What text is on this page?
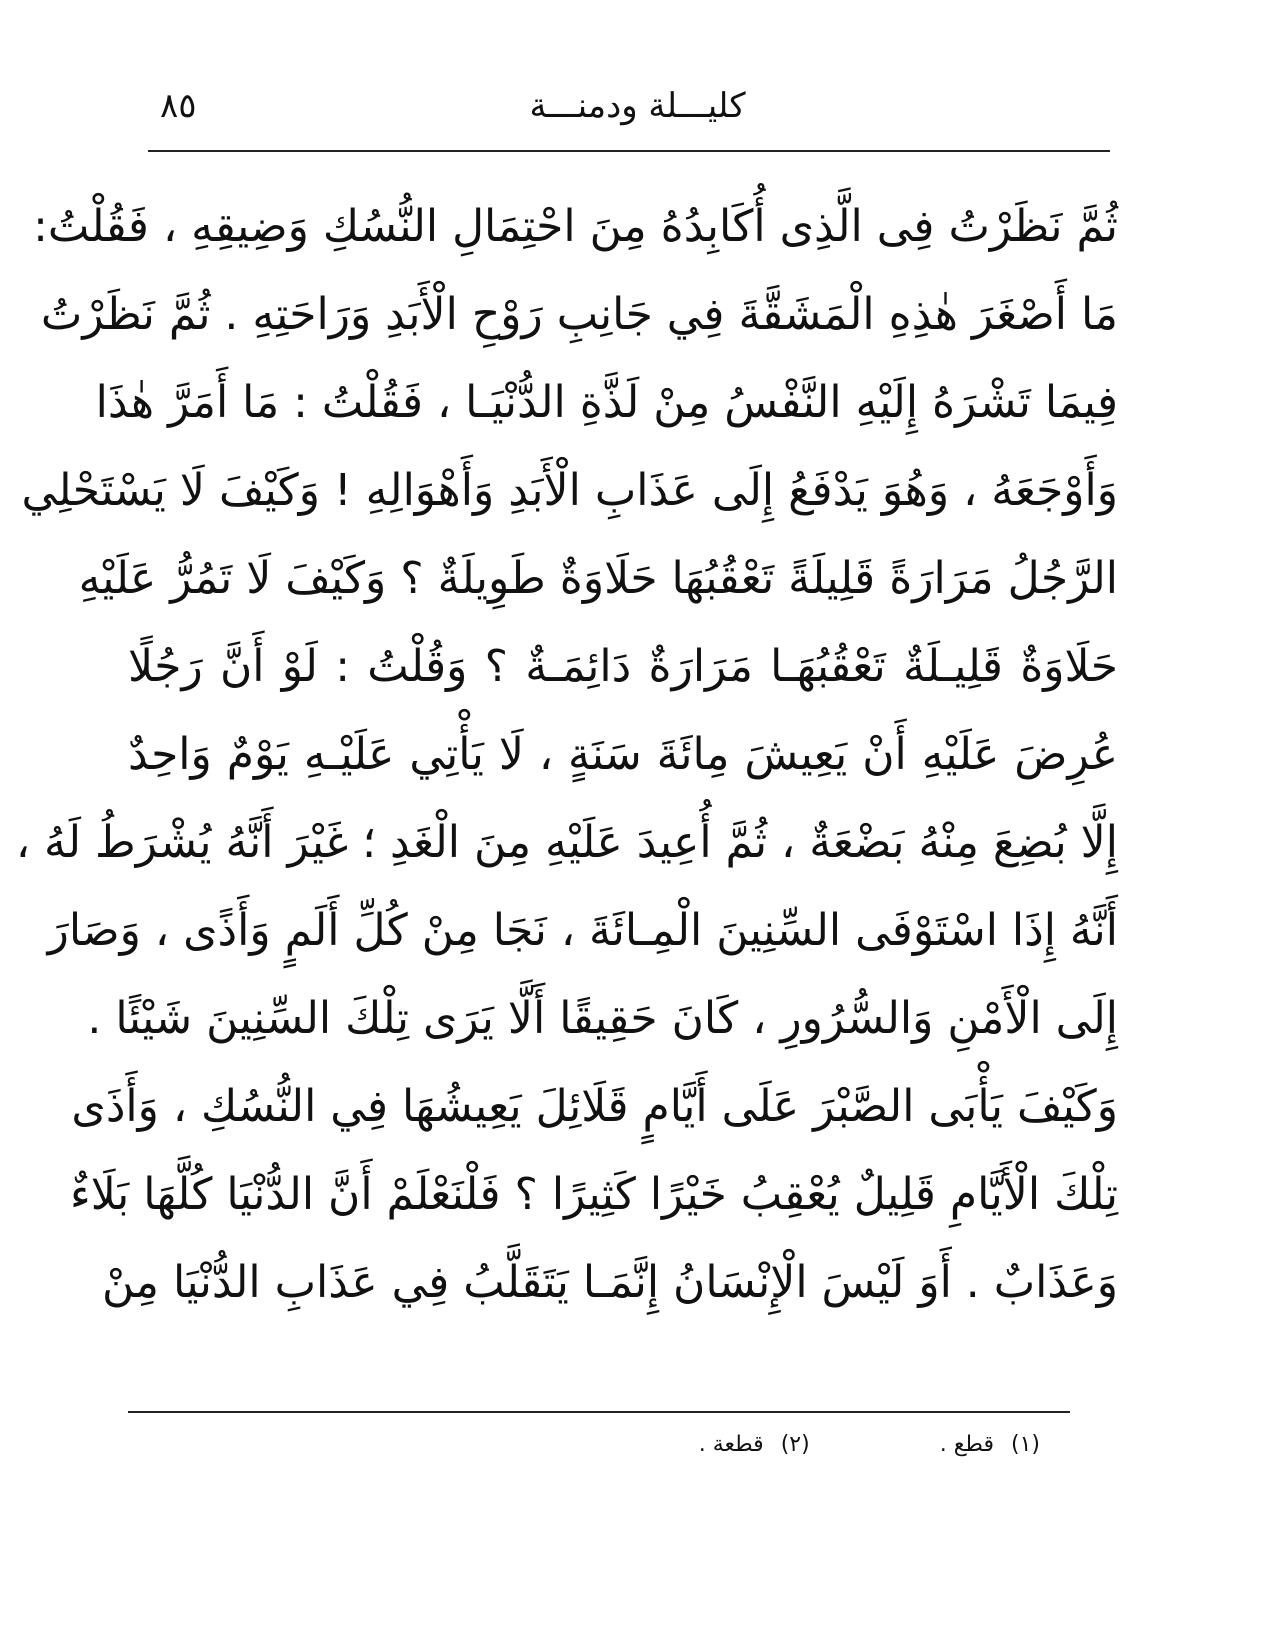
٨٥	كليـــلة ودمنـــة
ثُمَّ نَظَرْتُ فِى الَّذِى أُكَابِدُهُ مِنَ احْتِمَالِ النُّسُكِ وَضِيقِهِ ، فَقُلْتُ:
مَا أَصْغَرَ هٰذِهِ الْمَشَقَّةَ فِي جَانِبِ رَوْحِ الْأَبَدِ وَرَاحَتِهِ . ثُمَّ نَظَرْتُ
فِيمَا تَشْرَهُ إِلَيْهِ النَّفْسُ مِنْ لَذَّةِ الدُّنْيَـا ، فَقُلْتُ : مَا أَمَرَّ هٰذَا
وَأَوْجَعَهُ ، وَهُوَ يَدْفَعُ إِلَى عَذَابِ الْأَبَدِ وَأَهْوَالِهِ ! وَكَيْفَ لَا يَسْتَحْلِي
الرَّجُلُ مَرَارَةً قَلِيلَةً تَعْقُبُهَا حَلَاوَةٌ طَوِيلَةٌ ؟ وَكَيْفَ لَا تَمُرُّ عَلَيْهِ
حَلَاوَةٌ قَلِيـلَةٌ تَعْقُبُهَـا مَرَارَةٌ دَائِمَـةٌ ؟ وَقُلْتُ : لَوْ أَنَّ رَجُلًا
عُرِضَ عَلَيْهِ أَنْ يَعِيشَ مِائَةَ سَنَةٍ ، لَا يَأْتِي عَلَيْـهِ يَوْمٌ وَاحِدٌ
إِلَّا بُضِعَ مِنْهُ بَضْعَةٌ ، ثُمَّ أُعِيدَ عَلَيْهِ مِنَ الْغَدِ ؛ غَيْرَ أَنَّهُ يُشْرَطُ لَهُ ،
أَنَّهُ إِذَا اسْتَوْفَى السِّنِينَ الْمِـائَةَ ، نَجَا مِنْ كُلِّ أَلَمٍ وَأَذًى ، وَصَارَ
إِلَى الْأَمْنِ وَالسُّرُورِ ، كَانَ حَقِيقًا أَلَّا يَرَى تِلْكَ السِّنِينَ شَيْئًا .
وَكَيْفَ يَأْبَى الصَّبْرَ عَلَى أَيَّامٍ قَلَائِلَ يَعِيشُهَا فِي النُّسُكِ ، وَأَذَى
تِلْكَ الْأَيَّامِ قَلِيلٌ يُعْقِبُ خَيْرًا كَثِيرًا ؟ فَلْنَعْلَمْ أَنَّ الدُّنْيَا كُلَّهَا بَلَاءٌ
وَعَذَابٌ . أَوَ لَيْسَ الْإِنْسَانُ إِنَّمَـا يَتَقَلَّبُ فِي عَذَابِ الدُّنْيَا مِنْ
(١) قطع .
(٢) قطعة .
